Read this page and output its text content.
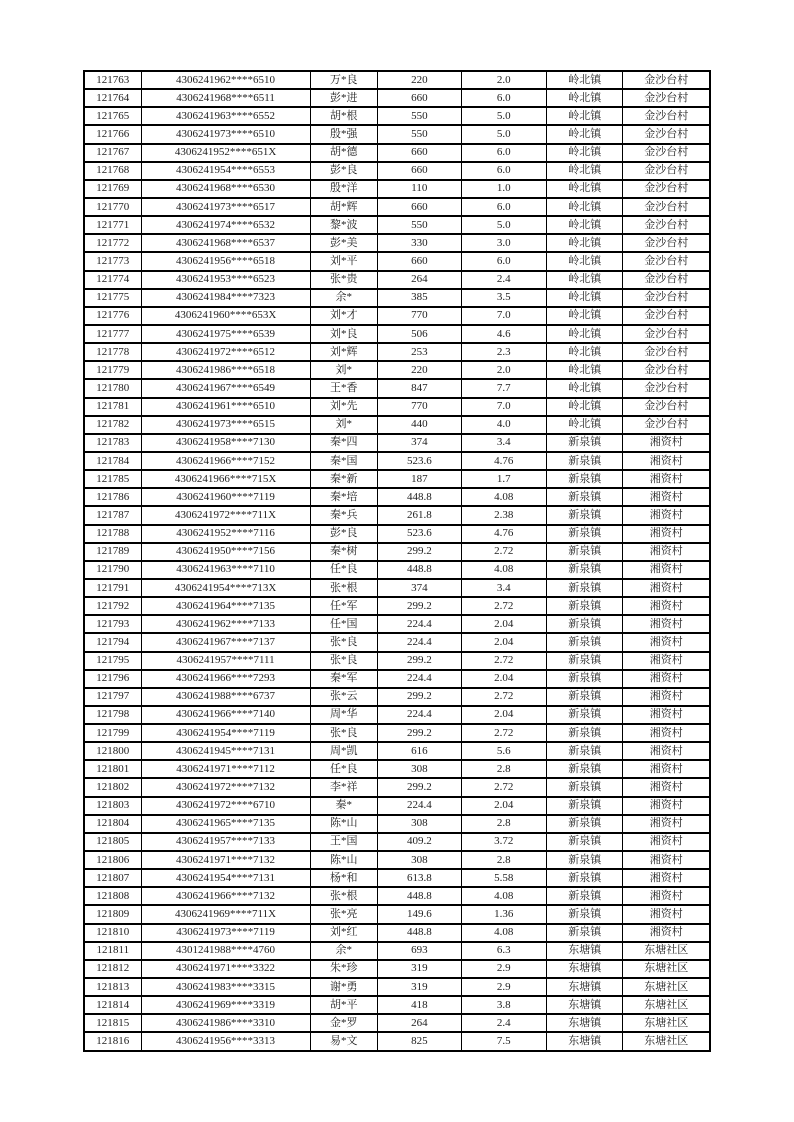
121763	4306241962****6510	万*良	220	2.0	岭北镇	金沙台村
121764	4306241968****6511	彭*进	660	6.0	岭北镇	金沙台村
121765	4306241963****6552	胡*根	550	5.0	岭北镇	金沙台村
121766	4306241973****6510	殷*强	550	5.0	岭北镇	金沙台村
121767	4306241952****651X	胡*德	660	6.0	岭北镇	金沙台村
121768	4306241954****6553	彭*良	660	6.0	岭北镇	金沙台村
121769	4306241968****6530	殷*洋	110	1.0	岭北镇	金沙台村
121770	4306241973****6517	胡*辉	660	6.0	岭北镇	金沙台村
121771	4306241974****6532	黎*波	550	5.0	岭北镇	金沙台村
121772	4306241968****6537	彭*美	330	3.0	岭北镇	金沙台村
121773	4306241956****6518	刘*平	660	6.0	岭北镇	金沙台村
121774	4306241953****6523	张*贵	264	2.4	岭北镇	金沙台村
121775	4306241984****7323	余*	385	3.5	岭北镇	金沙台村
121776	4306241960****653X	刘*才	770	7.0	岭北镇	金沙台村
121777	4306241975****6539	刘*良	506	4.6	岭北镇	金沙台村
121778	4306241972****6512	刘*辉	253	2.3	岭北镇	金沙台村
121779	4306241986****6518	刘*	220	2.0	岭北镇	金沙台村
121780	4306241967****6549	王*香	847	7.7	岭北镇	金沙台村
121781	4306241961****6510	刘*先	770	7.0	岭北镇	金沙台村
121782	4306241973****6515	刘*	440	4.0	岭北镇	金沙台村
121783	4306241958****7130	秦*四	374	3.4	新泉镇	湘资村
121784	4306241966****7152	秦*国	523.6	4.76	新泉镇	湘资村
121785	4306241966****715X	秦*新	187	1.7	新泉镇	湘资村
121786	4306241960****7119	秦*培	448.8	4.08	新泉镇	湘资村
121787	4306241972****711X	秦*兵	261.8	2.38	新泉镇	湘资村
121788	4306241952****7116	彭*良	523.6	4.76	新泉镇	湘资村
121789	4306241950****7156	秦*树	299.2	2.72	新泉镇	湘资村
121790	4306241963****7110	任*良	448.8	4.08	新泉镇	湘资村
121791	4306241954****713X	张*根	374	3.4	新泉镇	湘资村
121792	4306241964****7135	任*军	299.2	2.72	新泉镇	湘资村
121793	4306241962****7133	任*国	224.4	2.04	新泉镇	湘资村
121794	4306241967****7137	张*良	224.4	2.04	新泉镇	湘资村
121795	4306241957****7111	张*良	299.2	2.72	新泉镇	湘资村
121796	4306241966****7293	秦*军	224.4	2.04	新泉镇	湘资村
121797	4306241988****6737	张*云	299.2	2.72	新泉镇	湘资村
121798	4306241966****7140	周*华	224.4	2.04	新泉镇	湘资村
121799	4306241954****7119	张*良	299.2	2.72	新泉镇	湘资村
121800	4306241945****7131	周*凯	616	5.6	新泉镇	湘资村
121801	4306241971****7112	任*良	308	2.8	新泉镇	湘资村
121802	4306241972****7132	李*祥	299.2	2.72	新泉镇	湘资村
121803	4306241972****6710	秦*	224.4	2.04	新泉镇	湘资村
121804	4306241965****7135	陈*山	308	2.8	新泉镇	湘资村
121805	4306241957****7133	王*国	409.2	3.72	新泉镇	湘资村
121806	4306241971****7132	陈*山	308	2.8	新泉镇	湘资村
121807	4306241954****7131	杨*和	613.8	5.58	新泉镇	湘资村
121808	4306241966****7132	张*根	448.8	4.08	新泉镇	湘资村
121809	4306241969****711X	张*亮	149.6	1.36	新泉镇	湘资村
121810	4306241973****7119	刘*红	448.8	4.08	新泉镇	湘资村
121811	4301241988****4760	余*	693	6.3	东塘镇	东塘社区
121812	4306241971****3322	朱*珍	319	2.9	东塘镇	东塘社区
121813	4306241983****3315	谢*勇	319	2.9	东塘镇	东塘社区
121814	4306241969****3319	胡*平	418	3.8	东塘镇	东塘社区
121815	4306241986****3310	金*罗	264	2.4	东塘镇	东塘社区
121816	4306241956****3313	易*文	825	7.5	东塘镇	东塘社区
